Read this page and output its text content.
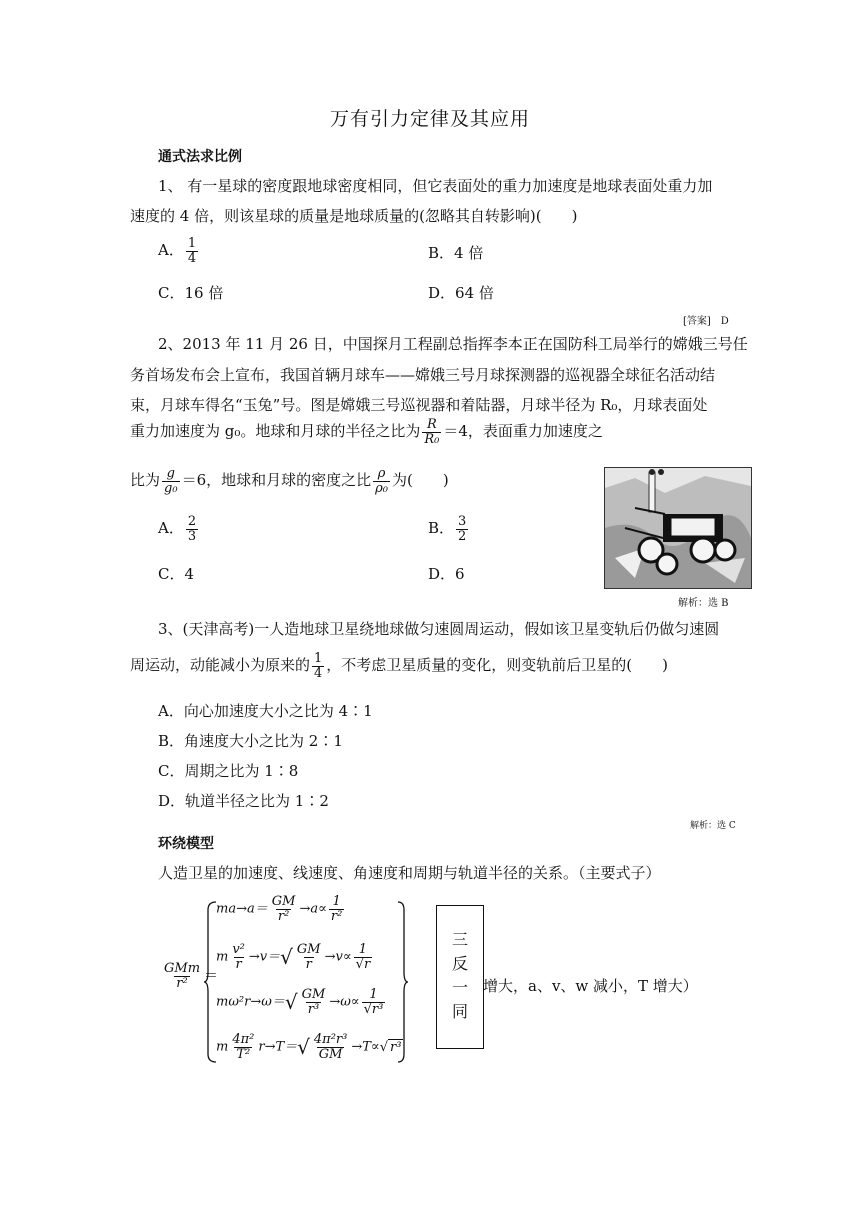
万有引力定律及其应用
通式法求比例
1、 有一星球的密度跟地球密度相同，但它表面处的重力加速度是地球表面处重力加
速度的 4 倍，则该星球的质量是地球质量的(忽略其自转影响)(　　)
A． $\frac{1}{4}$	B．4 倍
C．16 倍	D．64 倍
[答案]　D
2、2013 年 11 月 26 日，中国探月工程副总指挥李本正在国防科工局举行的嫦娥三号任
务首场发布会上宣布，我国首辆月球车——嫦娥三号月球探测器的巡视器全球征名活动结
束，月球车得名“玉兔”号。图是嫦娥三号巡视器和着陆器，月球半径为 R₀，月球表面处
重力加速度为 g₀。地球和月球的半径之比为 $\frac{R}{\text{R₀}} =4$，表面重力加速度之
比为 $\frac{g}{\text{g₀}} =6$，地球和月球的密度之比 $\frac{\rho}{\text{ρ₀}}$ 为(　　)
A． $\frac{2}{3}$	B． $\frac{3}{2}$
C．4	D．6
解析：选 B
3、(天津高考)一人造地球卫星绕地球做匀速圆周运动，假如该卫星变轨后仍做匀速圆
周运动，动能减小为原来的 $\frac{1}{4}$ ，不考虑卫星质量的变化，则变轨前后卫星的(　　)
A．向心加速度大小之比为 4∶1
B．角速度大小之比为 2∶1
C．周期之比为 1∶8
D．轨道半径之比为 1∶2
解析：选 C
环绕模型
人造卫星的加速度、线速度、角速度和周期与轨道半径的关系。（主要式子）
$\frac{\text{GMm}}{\text{r²}}$ ＝
$ma\to a= \frac{GM}{\text{r²}} \to a\propto \frac{1}{\text{r²}}$
m $\frac{\text{v²}}{r} \to v=√ \frac{GM}{r} \to v\propto \frac{1}{√r}$
$m\omega^2r\to\omega=√ \frac{GM}{\text{r³}} \to\omega\propto \frac{1}{\text{√r³}}$
m $\frac{\text{4π²}}{\text{T²}} r\to T=√ \frac{\text{4π²r³}}{GM} \to T\propto√$ r³
三
反
一
同
增大，a、v、w 减小，T 增大）
